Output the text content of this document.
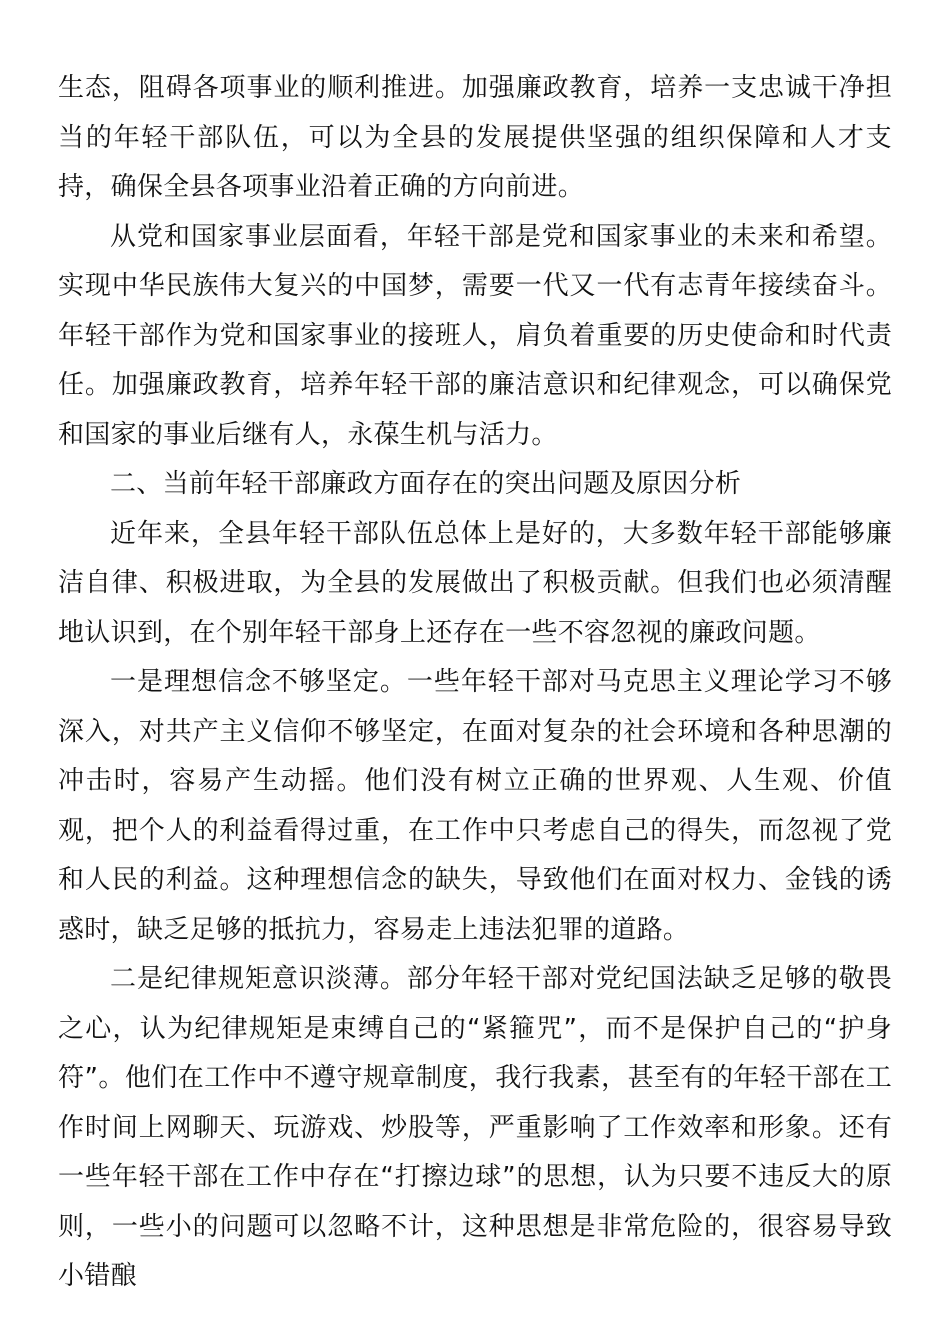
生态，阻碍各项事业的顺利推进。加强廉政教育，培养一支忠诚干净担当的年轻干部队伍，可以为全县的发展提供坚强的组织保障和人才支持，确保全县各项事业沿着正确的方向前进。

从党和国家事业层面看，年轻干部是党和国家事业的未来和希望。实现中华民族伟大复兴的中国梦，需要一代又一代有志青年接续奋斗。年轻干部作为党和国家事业的接班人，肩负着重要的历史使命和时代责任。加强廉政教育，培养年轻干部的廉洁意识和纪律观念，可以确保党和国家的事业后继有人，永葆生机与活力。

二、当前年轻干部廉政方面存在的突出问题及原因分析

近年来，全县年轻干部队伍总体上是好的，大多数年轻干部能够廉洁自律、积极进取，为全县的发展做出了积极贡献。但我们也必须清醒地认识到，在个别年轻干部身上还存在一些不容忽视的廉政问题。

一是理想信念不够坚定。一些年轻干部对马克思主义理论学习不够深入，对共产主义信仰不够坚定，在面对复杂的社会环境和各种思潮的冲击时，容易产生动摇。他们没有树立正确的世界观、人生观、价值观，把个人的利益看得过重，在工作中只考虑自己的得失，而忽视了党和人民的利益。这种理想信念的缺失，导致他们在面对权力、金钱的诱惑时，缺乏足够的抵抗力，容易走上违法犯罪的道路。

二是纪律规矩意识淡薄。部分年轻干部对党纪国法缺乏足够的敬畏之心，认为纪律规矩是束缚自己的“紧箍咒”，而不是保护自己的“护身符”。他们在工作中不遵守规章制度，我行我素，甚至有的年轻干部在工作时间上网聊天、玩游戏、炒股等，严重影响了工作效率和形象。还有一些年轻干部在工作中存在“打擦边球”的思想，认为只要不违反大的原则，一些小的问题可以忽略不计，这种思想是非常危险的，很容易导致小错酿
